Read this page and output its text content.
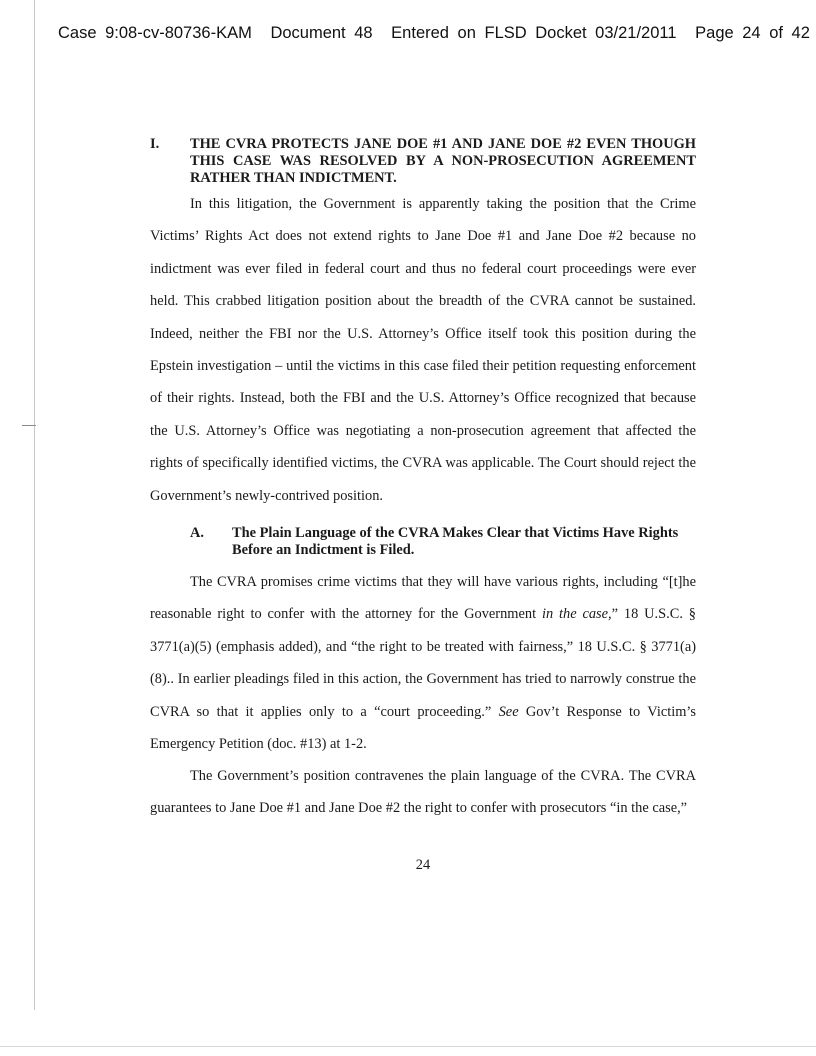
Case 9:08-cv-80736-KAM Document 48 Entered on FLSD Docket 03/21/2011 Page 24 of 42
I.	THE CVRA PROTECTS JANE DOE #1 AND JANE DOE #2 EVEN THOUGH THIS CASE WAS RESOLVED BY A NON-PROSECUTION AGREEMENT RATHER THAN INDICTMENT.

In this litigation, the Government is apparently taking the position that the Crime Victims’ Rights Act does not extend rights to Jane Doe #1 and Jane Doe #2 because no indictment was ever filed in federal court and thus no federal court proceedings were ever held. This crabbed litigation position about the breadth of the CVRA cannot be sustained. Indeed, neither the FBI nor the U.S. Attorney’s Office itself took this position during the Epstein investigation – until the victims in this case filed their petition requesting enforcement of their rights. Instead, both the FBI and the U.S. Attorney’s Office recognized that because the U.S. Attorney’s Office was negotiating a non-prosecution agreement that affected the rights of specifically identified victims, the CVRA was applicable. The Court should reject the Government’s newly-contrived position.

A.	The Plain Language of the CVRA Makes Clear that Victims Have Rights Before an Indictment is Filed.

The CVRA promises crime victims that they will have various rights, including “[t]he reasonable right to confer with the attorney for the Government in the case,” 18 U.S.C. § 3771(a)(5) (emphasis added), and “the right to be treated with fairness,” 18 U.S.C. § 3771(a)(8).. In earlier pleadings filed in this action, the Government has tried to narrowly construe the CVRA so that it applies only to a “court proceeding.” See Gov’t Response to Victim’s Emergency Petition (doc. #13) at 1-2.

The Government’s position contravenes the plain language of the CVRA. The CVRA guarantees to Jane Doe #1 and Jane Doe #2 the right to confer with prosecutors “in the case,”

24
